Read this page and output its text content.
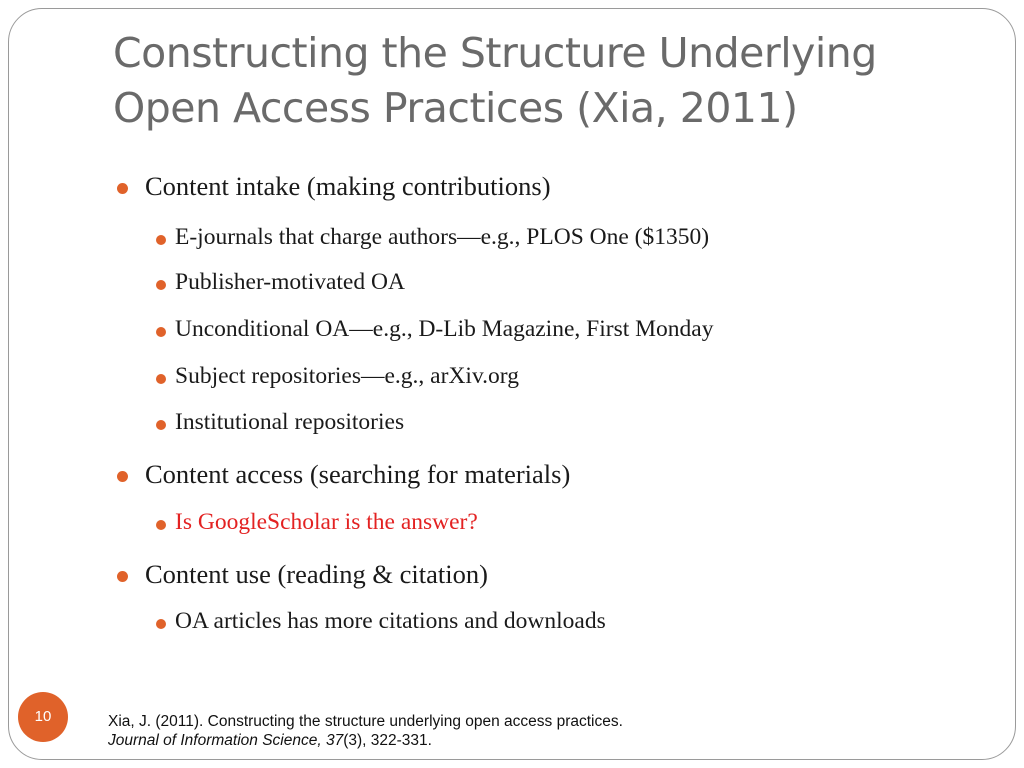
Constructing the Structure Underlying
Open Access Practices (Xia, 2011)
Content intake (making contributions)
E-journals that charge authors—e.g., PLOS One ($1350)
Publisher-motivated OA
Unconditional OA—e.g., D-Lib Magazine, First Monday
Subject repositories—e.g., arXiv.org
Institutional repositories
Content access (searching for materials)
Is GoogleScholar is the answer?
Content use (reading & citation)
OA articles has more citations and downloads
10	Xia, J. (2011). Constructing the structure underlying open access practices.
Journal of Information Science, 37(3), 322-331.
